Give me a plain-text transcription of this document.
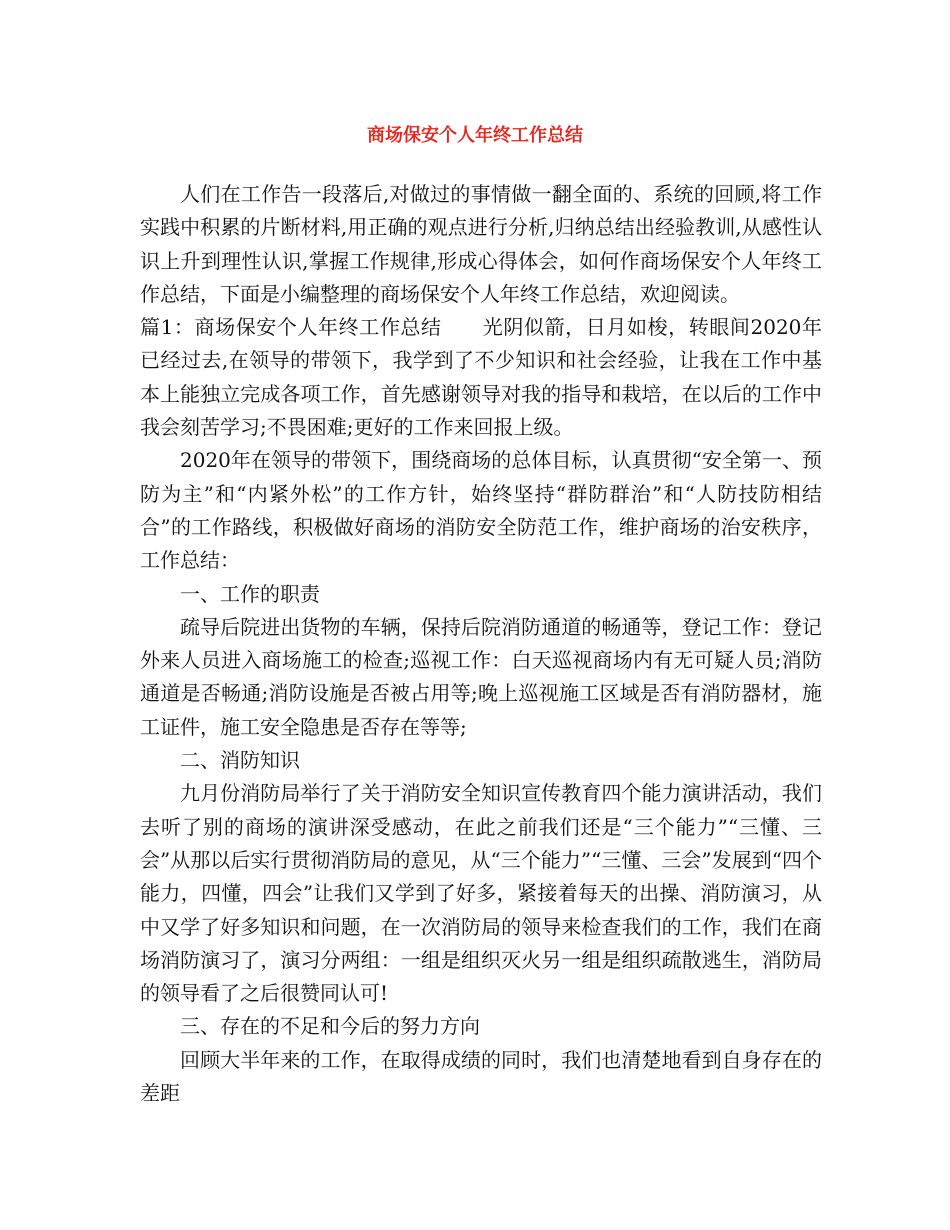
商场保安个人年终工作总结

人们在工作告一段落后,对做过的事情做一翻全面的、系统的回顾,将工作实践中积累的片断材料,用正确的观点进行分析,归纳总结出经验教训,从感性认识上升到理性认识,掌握工作规律,形成心得体会，如何作商场保安个人年终工作总结，下面是小编整理的商场保安个人年终工作总结，欢迎阅读。

篇1：商场保安个人年终工作总结　　光阴似箭，日月如梭，转眼间2020年已经过去,在领导的带领下，我学到了不少知识和社会经验，让我在工作中基本上能独立完成各项工作，首先感谢领导对我的指导和栽培，在以后的工作中我会刻苦学习;不畏困难;更好的工作来回报上级。

2020年在领导的带领下，围绕商场的总体目标，认真贯彻“安全第一、预防为主”和“内紧外松”的工作方针，始终坚持“群防群治”和“人防技防相结合”的工作路线，积极做好商场的消防安全防范工作，维护商场的治安秩序，工作总结：

一、工作的职责

疏导后院进出货物的车辆，保持后院消防通道的畅通等，登记工作：登记外来人员进入商场施工的检查;巡视工作：白天巡视商场内有无可疑人员;消防通道是否畅通;消防设施是否被占用等;晚上巡视施工区域是否有消防器材，施工证件，施工安全隐患是否存在等等;

二、消防知识

九月份消防局举行了关于消防安全知识宣传教育四个能力演讲活动，我们去听了别的商场的演讲深受感动，在此之前我们还是“三个能力”“三懂、三会”从那以后实行贯彻消防局的意见，从“三个能力”“三懂、三会”发展到“四个能力，四懂，四会”让我们又学到了好多，紧接着每天的出操、消防演习，从中又学了好多知识和问题，在一次消防局的领导来检查我们的工作，我们在商场消防演习了，演习分两组：一组是组织灭火另一组是组织疏散逃生，消防局的领导看了之后很赞同认可!

三、存在的不足和今后的努力方向

回顾大半年来的工作，在取得成绩的同时，我们也清楚地看到自身存在的差距
